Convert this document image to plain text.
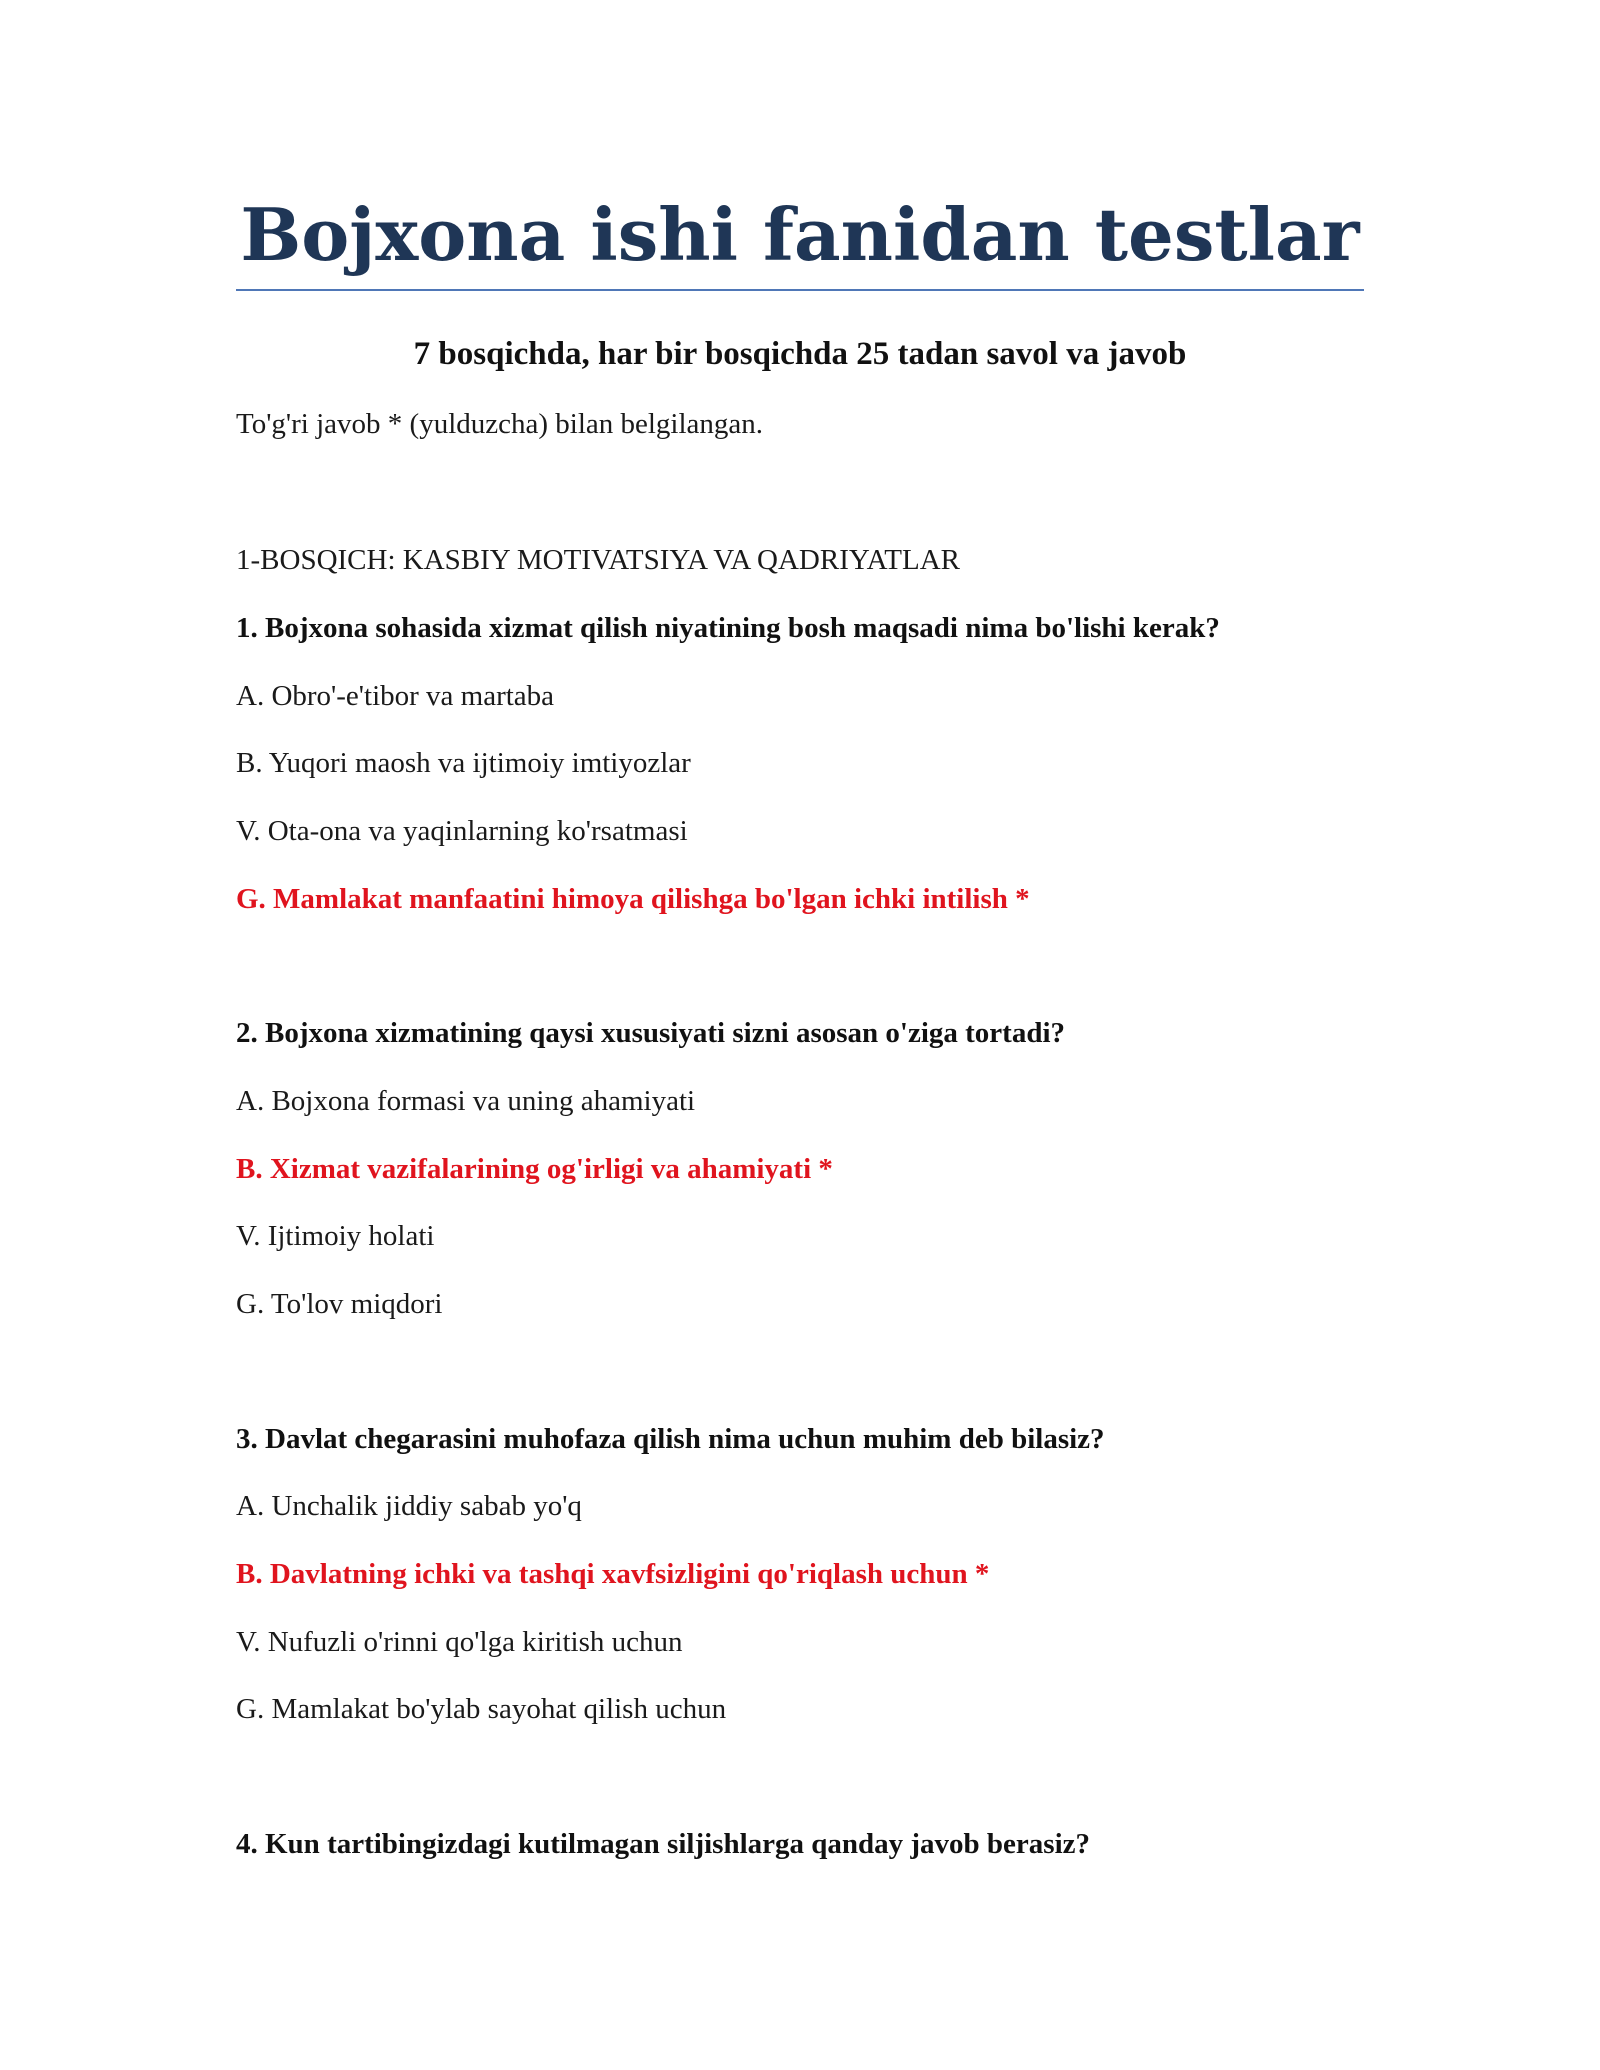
Bojxona ishi fanidan testlar
7 bosqichda, har bir bosqichda 25 tadan savol va javob

To'g'ri javob * (yulduzcha) bilan belgilangan.

1-BOSQICH: KASBIY MOTIVATSIYA VA QADRIYATLAR

1. Bojxona sohasida xizmat qilish niyatining bosh maqsadi nima bo'lishi kerak?

A. Obro'-e'tibor va martaba

B. Yuqori maosh va ijtimoiy imtiyozlar

V. Ota-ona va yaqinlarning ko'rsatmasi

G. Mamlakat manfaatini himoya qilishga bo'lgan ichki intilish *

2. Bojxona xizmatining qaysi xususiyati sizni asosan o'ziga tortadi?

A. Bojxona formasi va uning ahamiyati

B. Xizmat vazifalarining og'irligi va ahamiyati *

V. Ijtimoiy holati

G. To'lov miqdori

3. Davlat chegarasini muhofaza qilish nima uchun muhim deb bilasiz?

A. Unchalik jiddiy sabab yo'q

B. Davlatning ichki va tashqi xavfsizligini qo'riqlash uchun *

V. Nufuzli o'rinni qo'lga kiritish uchun

G. Mamlakat bo'ylab sayohat qilish uchun

4. Kun tartibingizdagi kutilmagan siljishlarga qanday javob berasiz?
